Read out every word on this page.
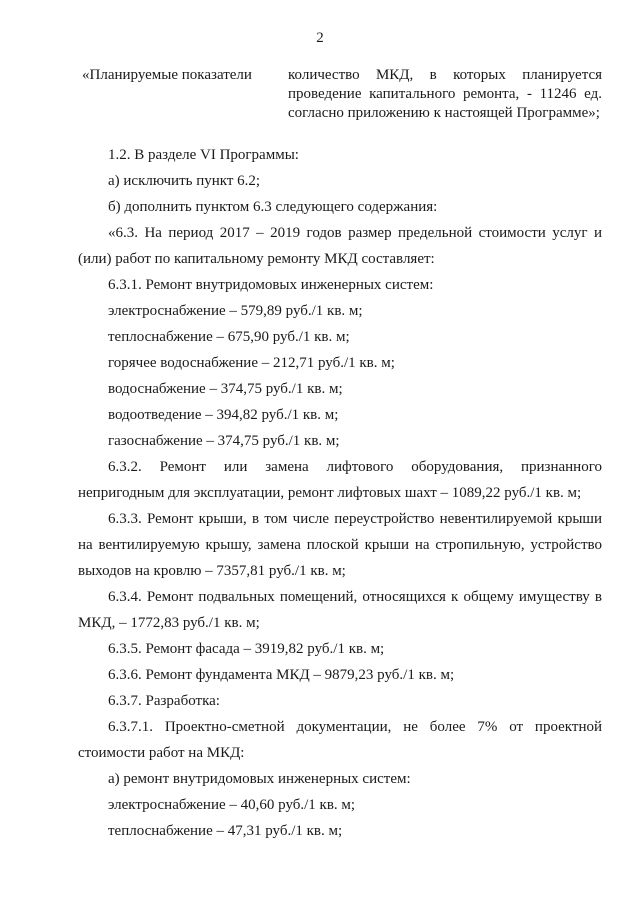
2
«Планируемые показатели количество МКД, в которых планируется проведение капитального ремонта, - 11246 ед. согласно приложению к настоящей Программе»;

1.2. В разделе VI Программы:

а) исключить пункт 6.2;

б) дополнить пунктом 6.3 следующего содержания:

«6.3. На период 2017 – 2019 годов размер предельной стоимости услуг и (или) работ по капитальному ремонту МКД составляет:

6.3.1. Ремонт внутридомовых инженерных систем:

электроснабжение – 579,89 руб./1 кв. м;

теплоснабжение – 675,90 руб./1 кв. м;

горячее водоснабжение – 212,71 руб./1 кв. м;

водоснабжение – 374,75 руб./1 кв. м;

водоотведение – 394,82 руб./1 кв. м;

газоснабжение – 374,75 руб./1 кв. м;

6.3.2. Ремонт или замена лифтового оборудования, признанного непригодным для эксплуатации, ремонт лифтовых шахт – 1089,22 руб./1 кв. м;

6.3.3. Ремонт крыши, в том числе переустройство невентилируемой крыши на вентилируемую крышу, замена плоской крыши на стропильную, устройство выходов на кровлю – 7357,81 руб./1 кв. м;

6.3.4. Ремонт подвальных помещений, относящихся к общему имуществу в МКД, – 1772,83 руб./1 кв. м;

6.3.5. Ремонт фасада – 3919,82 руб./1 кв. м;

6.3.6. Ремонт фундамента МКД – 9879,23 руб./1 кв. м;

6.3.7. Разработка:

6.3.7.1. Проектно-сметной документации, не более 7% от проектной стоимости работ на МКД:

а) ремонт внутридомовых инженерных систем:

электроснабжение – 40,60 руб./1 кв. м;

теплоснабжение – 47,31 руб./1 кв. м;
